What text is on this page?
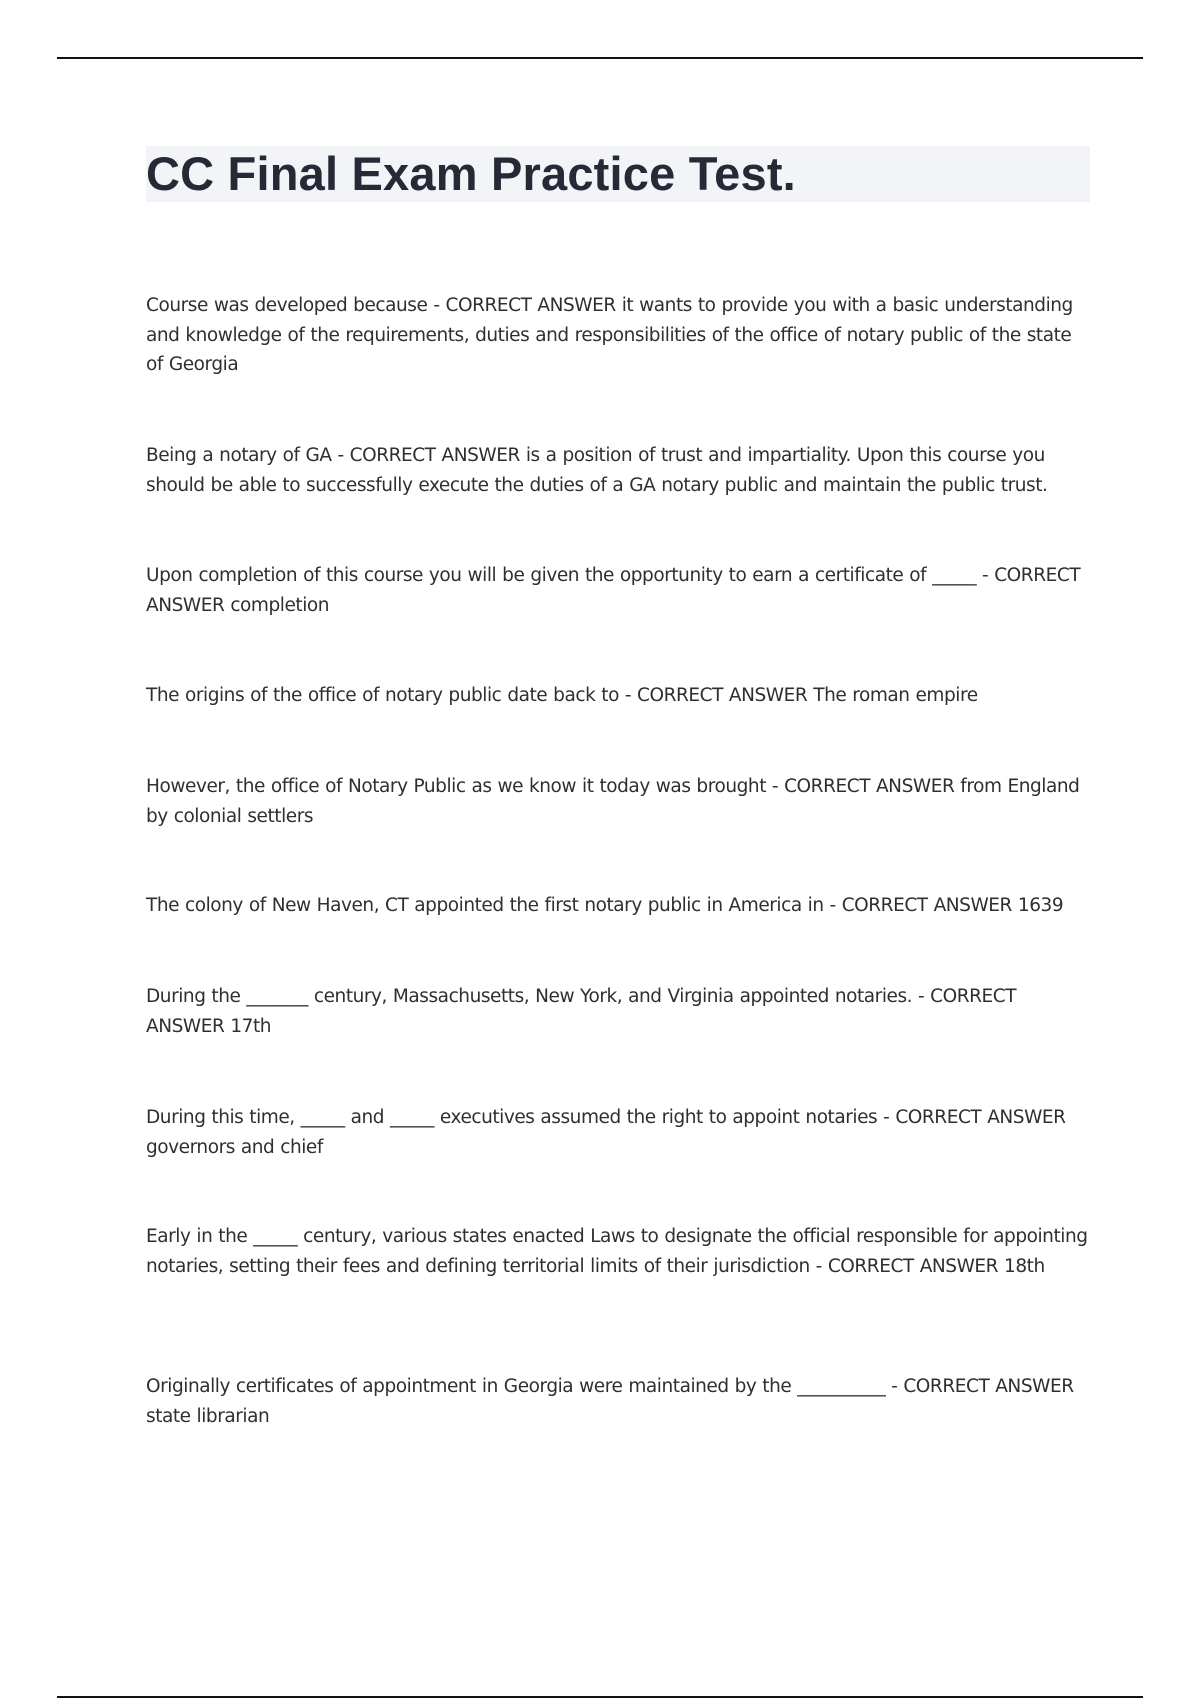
CC Final Exam Practice Test.

Course was developed because - CORRECT ANSWER it wants to provide you with a basic understanding and knowledge of the requirements, duties and responsibilities of the office of notary public of the state of Georgia

Being a notary of GA - CORRECT ANSWER is a position of trust and impartiality. Upon this course you should be able to successfully execute the duties of a GA notary public and maintain the public trust.

Upon completion of this course you will be given the opportunity to earn a certificate of _____ - CORRECT ANSWER completion

The origins of the office of notary public date back to - CORRECT ANSWER The roman empire

However, the office of Notary Public as we know it today was brought - CORRECT ANSWER from England by colonial settlers

The colony of New Haven, CT appointed the first notary public in America in - CORRECT ANSWER 1639

During the _______ century, Massachusetts, New York, and Virginia appointed notaries. - CORRECT ANSWER 17th

During this time, _____ and _____ executives assumed the right to appoint notaries - CORRECT ANSWER governors and chief

Early in the _____ century, various states enacted Laws to designate the official responsible for appointing notaries, setting their fees and defining territorial limits of their jurisdiction - CORRECT ANSWER 18th

Originally certificates of appointment in Georgia were maintained by the __________ - CORRECT ANSWER state librarian
